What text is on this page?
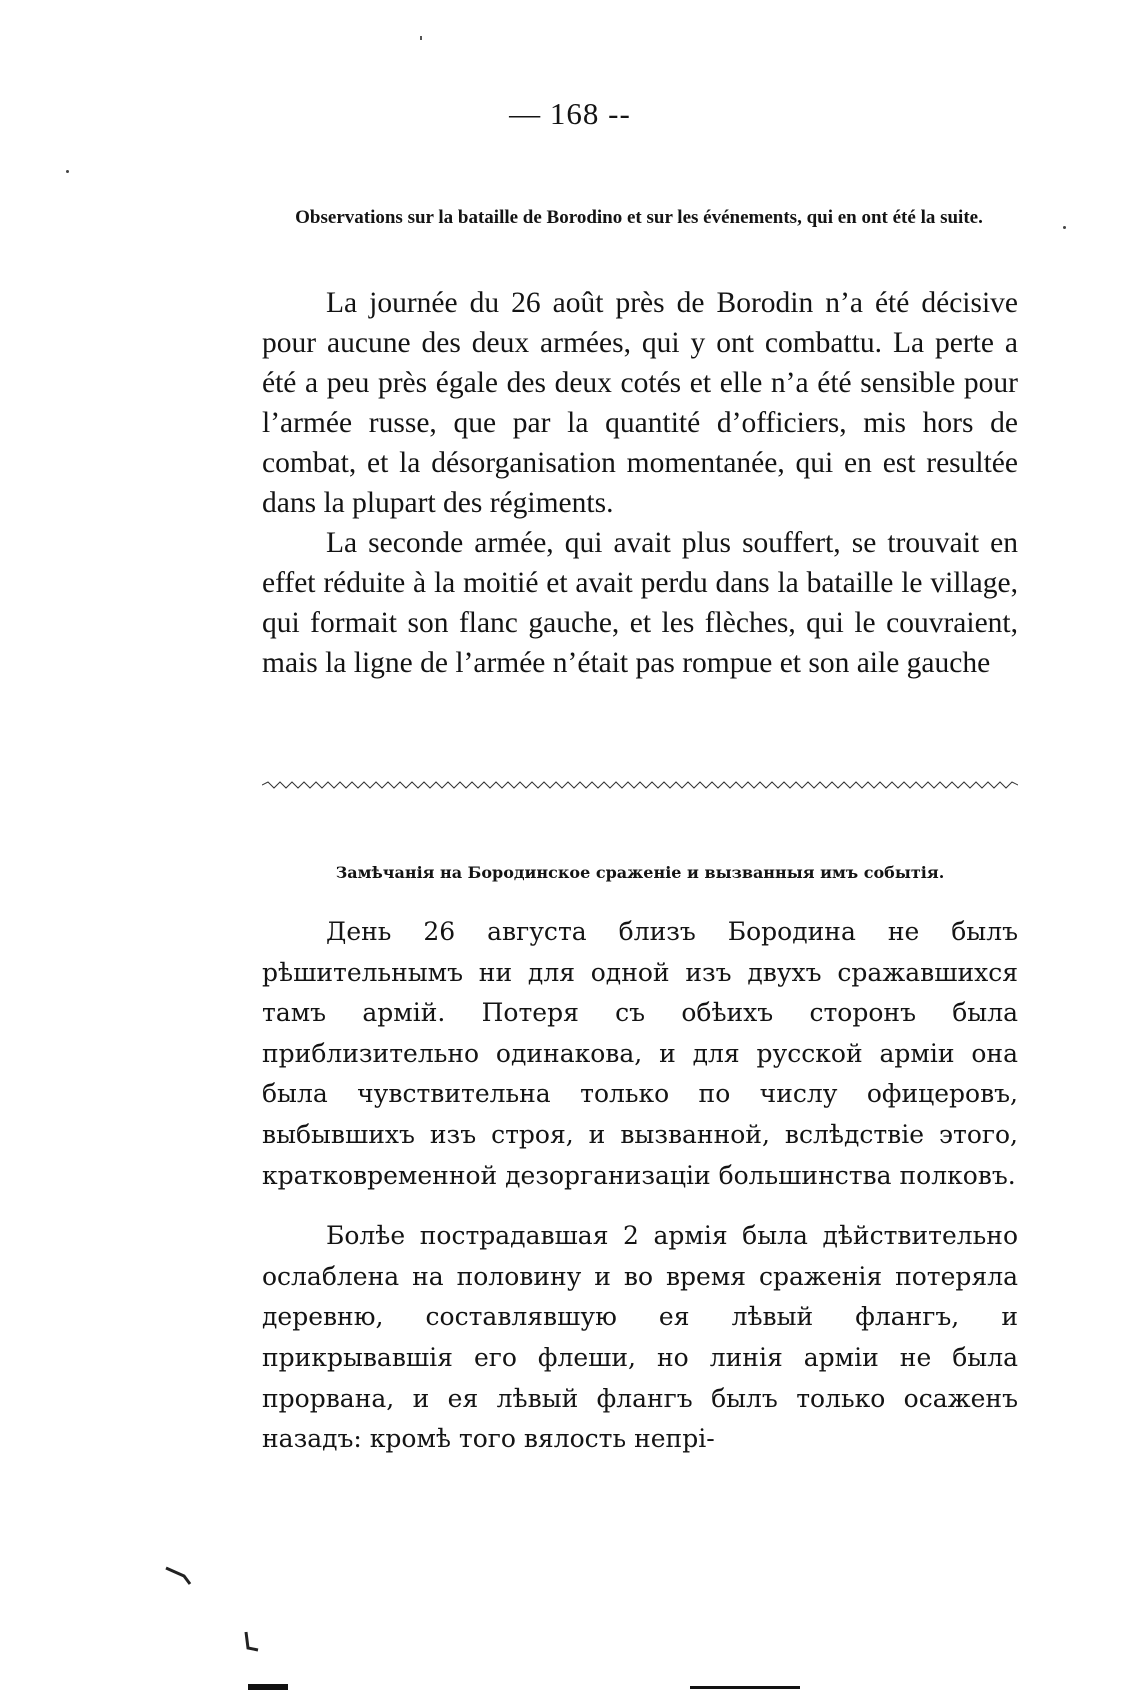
— 168 --
Observations sur la bataille de Borodino et sur les événements, qui en ont été la suite.

La journée du 26 août près de Borodin n’a été décisive pour aucune des deux armées, qui y ont combattu. La perte a été a peu près égale des deux cotés et elle n’a été sensible pour l’armée russe, que par la quantité d’officiers, mis hors de combat, et la désorganisation momentanée, qui en est resultée dans la plupart des régiments.

La seconde armée, qui avait plus souffert, se trouvait en effet réduite à la moitié et avait perdu dans la bataille le village, qui formait son flanc gauche, et les flèches, qui le couvraient, mais la ligne de l’armée n’était pas rompue et son aile gauche

Замѣчанія на Бородинское сраженіе и вызванныя имъ событія.

День 26 августа близъ Бородина не былъ рѣшительнымъ ни для одной изъ двухъ сражавшихся тамъ армій. Потеря съ обѣихъ сторонъ была приблизительно одинакова, и для русской арміи она была чувствительна только по числу офицеровъ, выбывшихъ изъ строя, и вызванной, вслѣдствіе этого, кратковременной дезорганизаціи большинства полковъ.

Болѣе пострадавшая 2 армія была дѣйствительно ослаблена на половину и во время сраженія потеряла деревню, составлявшую ея лѣвый флангъ, и прикрывавшія его флеши, но линія арміи не была прорвана, и ея лѣвый флангъ былъ только осаженъ назадъ: кромѣ того вялость непрі-
